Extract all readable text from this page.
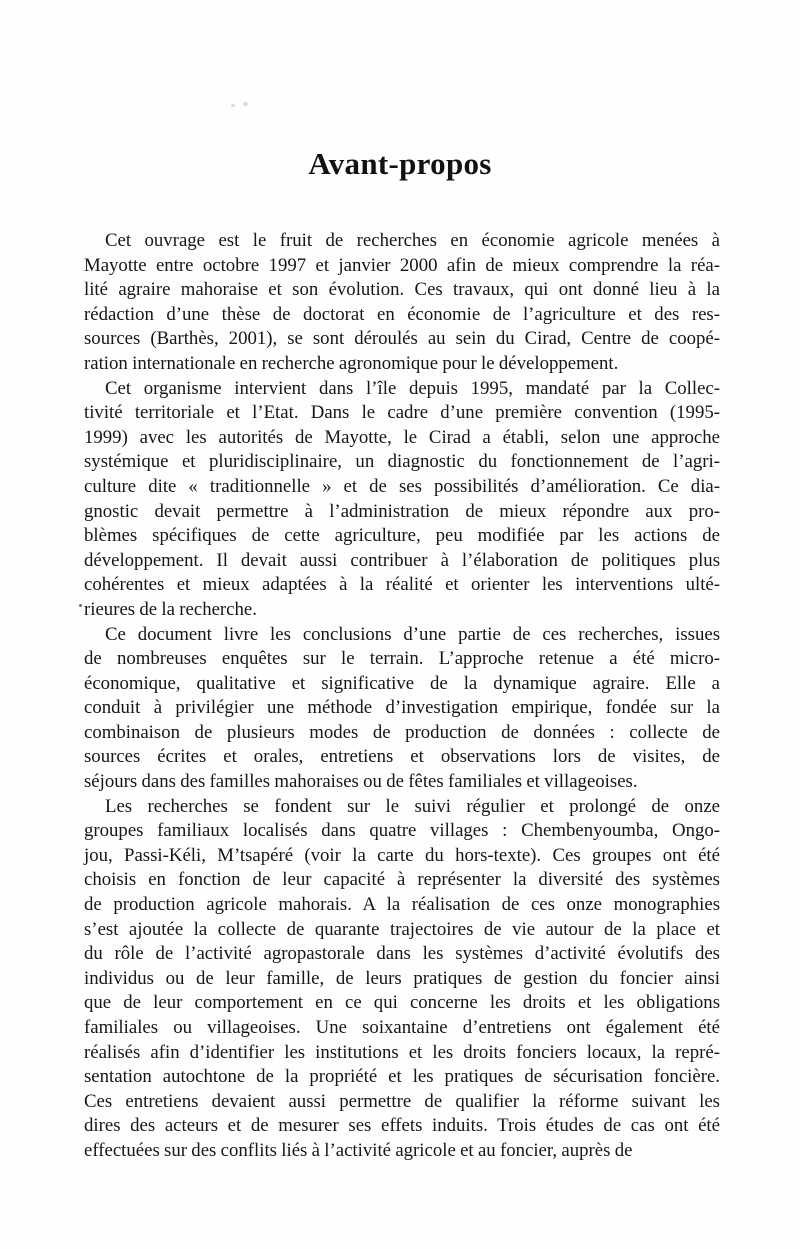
Avant-propos
Cet ouvrage est le fruit de recherches en économie agricole menées à
Mayotte entre octobre 1997 et janvier 2000 afin de mieux comprendre la réa-
lité agraire mahoraise et son évolution. Ces travaux, qui ont donné lieu à la
rédaction d’une thèse de doctorat en économie de l’agriculture et des res-
sources (Barthès, 2001), se sont déroulés au sein du Cirad, Centre de coopé-
ration internationale en recherche agronomique pour le développement.
Cet organisme intervient dans l’île depuis 1995, mandaté par la Collec-
tivité territoriale et l’Etat. Dans le cadre d’une première convention (1995-
1999) avec les autorités de Mayotte, le Cirad a établi, selon une approche
systémique et pluridisciplinaire, un diagnostic du fonctionnement de l’agri-
culture dite « traditionnelle » et de ses possibilités d’amélioration. Ce dia-
gnostic devait permettre à l’administration de mieux répondre aux pro-
blèmes spécifiques de cette agriculture, peu modifiée par les actions de
développement. Il devait aussi contribuer à l’élaboration de politiques plus
cohérentes et mieux adaptées à la réalité et orienter les interventions ulté-
rieures de la recherche.
Ce document livre les conclusions d’une partie de ces recherches, issues
de nombreuses enquêtes sur le terrain. L’approche retenue a été micro-
économique, qualitative et significative de la dynamique agraire. Elle a
conduit à privilégier une méthode d’investigation empirique, fondée sur la
combinaison de plusieurs modes de production de données : collecte de
sources écrites et orales, entretiens et observations lors de visites, de
séjours dans des familles mahoraises ou de fêtes familiales et villageoises.
Les recherches se fondent sur le suivi régulier et prolongé de onze
groupes familiaux localisés dans quatre villages : Chembenyoumba, Ongo-
jou, Passi-Kéli, M’tsapéré (voir la carte du hors-texte). Ces groupes ont été
choisis en fonction de leur capacité à représenter la diversité des systèmes
de production agricole mahorais. A la réalisation de ces onze monographies
s’est ajoutée la collecte de quarante trajectoires de vie autour de la place et
du rôle de l’activité agropastorale dans les systèmes d’activité évolutifs des
individus ou de leur famille, de leurs pratiques de gestion du foncier ainsi
que de leur comportement en ce qui concerne les droits et les obligations
familiales ou villageoises. Une soixantaine d’entretiens ont également été
réalisés afin d’identifier les institutions et les droits fonciers locaux, la repré-
sentation autochtone de la propriété et les pratiques de sécurisation foncière.
Ces entretiens devaient aussi permettre de qualifier la réforme suivant les
dires des acteurs et de mesurer ses effets induits. Trois études de cas ont été
effectuées sur des conflits liés à l’activité agricole et au foncier, auprès de
